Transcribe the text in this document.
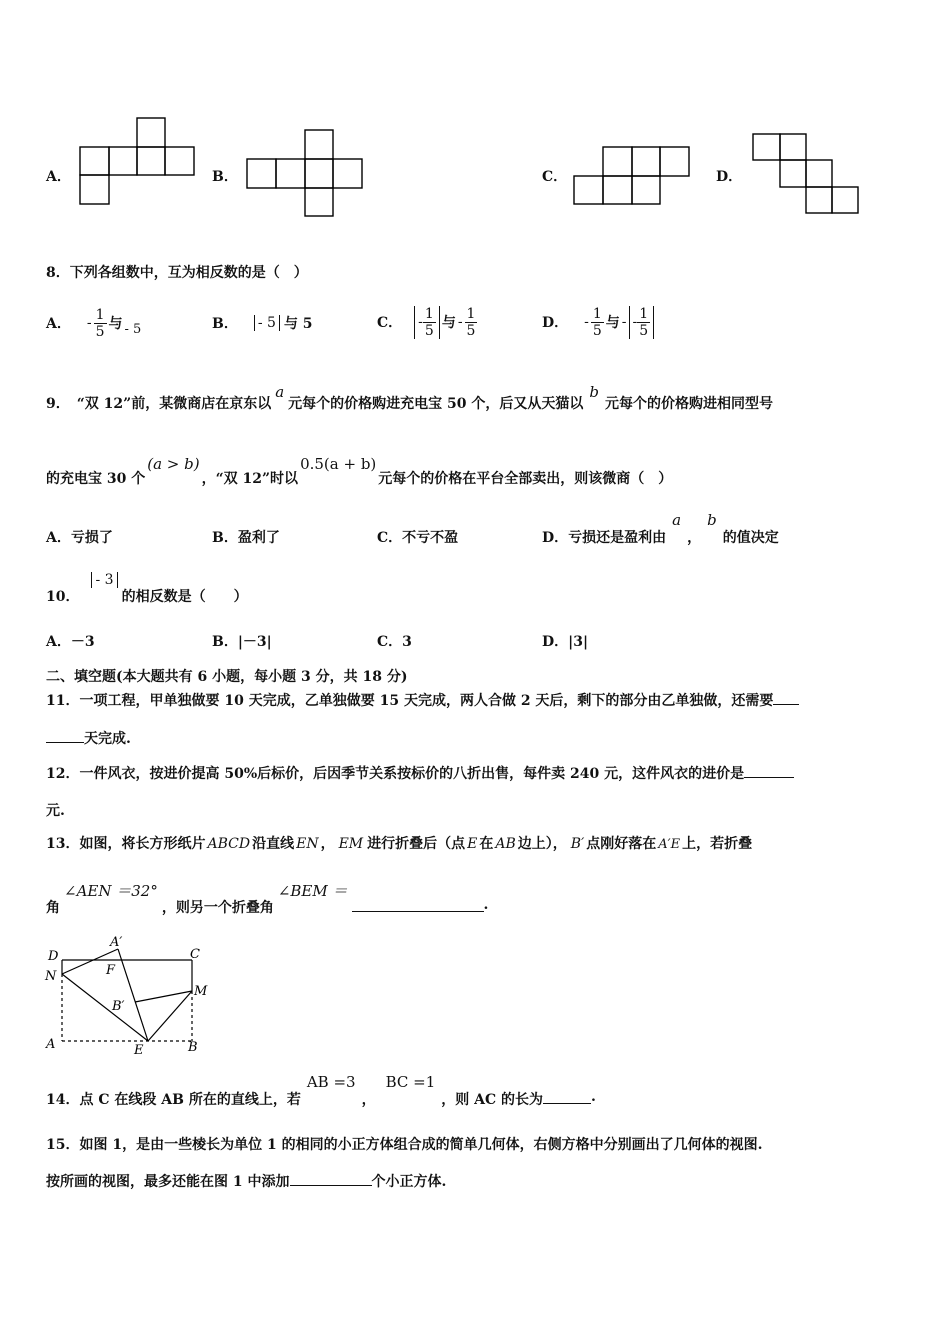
A．	B．	C．	D．
8．下列各组数中，互为相反数的是（　）
A． - $\frac{1}{5}$ 与 - 5	B． - 5 与 5	C． - $\frac{1}{5}$ 与 - $\frac{1}{5}$	D． - $\frac{1}{5}$ 与 - - $\frac{1}{5}$
9．　“双 12”前，某微商店在京东以
a
元每个的价格购进充电宝 50 个，后又从天猫以
b
元每个的价格购进相同型号
的充电宝 30 个
(a > b)
，“双 12”时以
0.5(a + b)
元每个的价格在平台全部卖出，则该微商（　）
A．亏损了	B．盈利了	C．不亏不盈	D．亏损还是盈利由
a
，
b
的值决定
10．
- 3
的相反数是（　　）
A．－3	B．|－3|	C．3	D．|3|
二、填空题(本大题共有 6 小题，每小题 3 分，共 18 分)
11．一项工程，甲单独做要 10 天完成，乙单独做要 15 天完成，两人合做 2 天后，剩下的部分由乙单独做，还需要
天完成.
12．一件风衣，按进价提高 50%后标价，后因季节关系按标价的八折出售，每件卖 240 元，这件风衣的进价是
元.
13．如图，将长方形纸片 ABCD 沿直线 EN ， EM 进行折叠后（点 E 在 AB 边上）， B′ 点刚好落在 A′E 上，若折叠
角
∠AEN ＝32°
，则另一个折叠角
∠BEM ＝
.
D
A′
C
N	F
M
B′
A	E	B
14．点 C 在线段 AB 所在的直线上，若
AB =3
，
BC =1
，则 AC 的长为	.
15．如图 1，是由一些棱长为单位 1 的相同的小正方体组合成的简单几何体，右侧方格中分别画出了几何体的视图.
按所画的视图，最多还能在图 1 中添加	个小正方体.
